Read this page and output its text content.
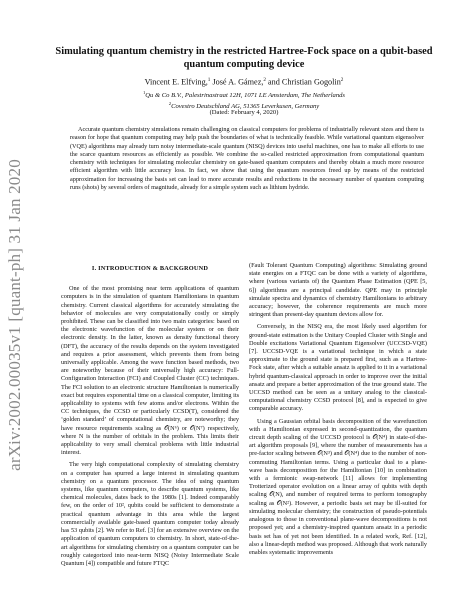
arXiv:2002.00035v1 [quant-ph] 31 Jan 2020
Simulating quantum chemistry in the restricted Hartree-Fock space on a qubit-based quantum computing device
Vincent E. Elfving,$^1$ José A. Gámez,$^2$ and Christian Gogolin$^2$
$^1$Qu & Co B.V., Palestrinastraat 12H, 1071 LE Amsterdam, The Netherlands
$^2$Covestro Deutschland AG, 51365 Leverkusen, Germany
(Dated: February 4, 2020)

Accurate quantum chemistry simulations remain challenging on classical computers for problems of industrially relevant sizes and there is reason for hope that quantum computing may help push the boundaries of what is technically feasible. While variational quantum eigensolver (VQE) algorithms may already turn noisy intermediate-scale quantum (NISQ) devices into useful machines, one has to make all efforts to use the scarce quantum resources as efficiently as possible. We combine the so-called restricted approximation from computational quantum chemistry with techniques for simulating molecular chemistry on gate-based quantum computers and thereby obtain a much more resource efficient algorithm with little accuracy loss. In fact, we show that using the quantum resources freed up by means of the restricted approximation for increasing the basis set can lead to more accurate results and reductions in the necessary number of quantum computing runs (shots) by several orders of magnitude, already for a simple system such as lithium hydride.

I. INTRODUCTION & BACKGROUND

One of the most promising near term applications of quantum computers is in the simulation of quantum Hamiltonians in quantum chemistry. Current classical algorithms for accurately simulating the behavior of molecules are very computationally costly or simply prohibited. These can be classified into two main categories: based on the electronic wavefunction of the molecular system or on their electronic density. In the latter, known as density functional theory (DFT), the accuracy of the results depends on the system investigated and requires a prior assessment, which prevents them from being universally applicable. Among the wave function based methods, two are noteworthy because of their universally high accuracy: Full-Configuration Interaction (FCI) and Coupled Cluster (CC) techniques. The FCI solution to an electronic structure Hamiltonian is numerically exact but requires exponential time on a classical computer, limiting its applicability to systems with few atoms and/or electrons. Within the CC techniques, the CCSD or particularly CCSD(T), considered the ‘golden standard’ of computational chemistry, are noteworthy; they have resource requirements scaling as 𝒪(N⁶) or 𝒪(N⁷) respectively, where N is the number of orbitals in the problem. This limits their applicability to very small chemical problems with little industrial interest.

The very high computational complexity of simulating chemistry on a computer has spurred a large interest in simulating quantum chemistry on a quantum processor. The idea of using quantum systems, like quantum computers, to describe quantum systems, like chemical molecules, dates back to the 1980s [1]. Indeed comparably few, on the order of 10², qubits could be sufficient to demonstrate a practical quantum advantage in this area while the largest commercially available gate-based quantum computer today already has 53 qubits [2]. We refer to Ref. [3] for an extensive overview on the application of quantum computers to chemistry. In short, state-of-the-art algorithms for simulating chemistry on a quantum computer can be roughly categorized into near-term NISQ (Noisy Intermediate Scale Quantum [4]) compatible and future FTQC

(Fault Tolerant Quantum Computing) algorithms: Simulating ground state energies on a FTQC can be done with a variety of algorithms, where (various variants of) the Quantum Phase Estimation (QPE [5, 6]) algorithms are a principal candidate. QPE may in principle simulate spectra and dynamics of chemistry Hamiltonians to arbitrary accuracy; however, the coherence requirements are much more stringent than present-day quantum devices allow for.

Conversely, in the NISQ era, the most likely used algorithm for ground-state estimation is the Unitary Coupled Cluster with Single and Double excitations Variational Quantum Eigensolver (UCCSD-VQE) [7]. UCCSD-VQE is a variational technique in which a state approximate to the ground state is prepared first, such as a Hartree-Fock state, after which a suitable ansatz is applied to it in a variational hybrid quantum-classical approach in order to improve over the initial ansatz and prepare a better approximation of the true ground state. The UCCSD method can be seen as a unitary analog to the classical-computational chemistry CCSD protocol [8], and is expected to give comparable accuracy.

Using a Gaussian orbital basis decomposition of the wavefunction with a Hamiltonian expressed in second-quantization, the quantum circuit depth scaling of the UCCSD protocol is 𝒪(N⁴) in state-of-the-art algorithm proposals [9], where the number of measurements has a pre-factor scaling between 𝒪(N³) and 𝒪(N⁴) due to the number of non-commuting Hamiltonian terms. Using a particular dual to a plane-wave basis decomposition for the Hamiltonian [10] in combination with a fermionic swap-network [11] allows for implementing Trotterized operator evolution on a linear array of qubits with depth scaling 𝒪(N), and number of required terms to perform tomography scaling as 𝒪(N²). However, a periodic basis set may be ill-suited for simulating molecular chemistry; the construction of pseudo-potentials analogous to those in conventional plane-wave decompositions is not proposed yet; and a chemistry-inspired quantum ansatz in a periodic basis set has of yet not been identified. In a related work, Ref. [12], also a linear-depth method was proposed. Although that work naturally enables systematic improvements
